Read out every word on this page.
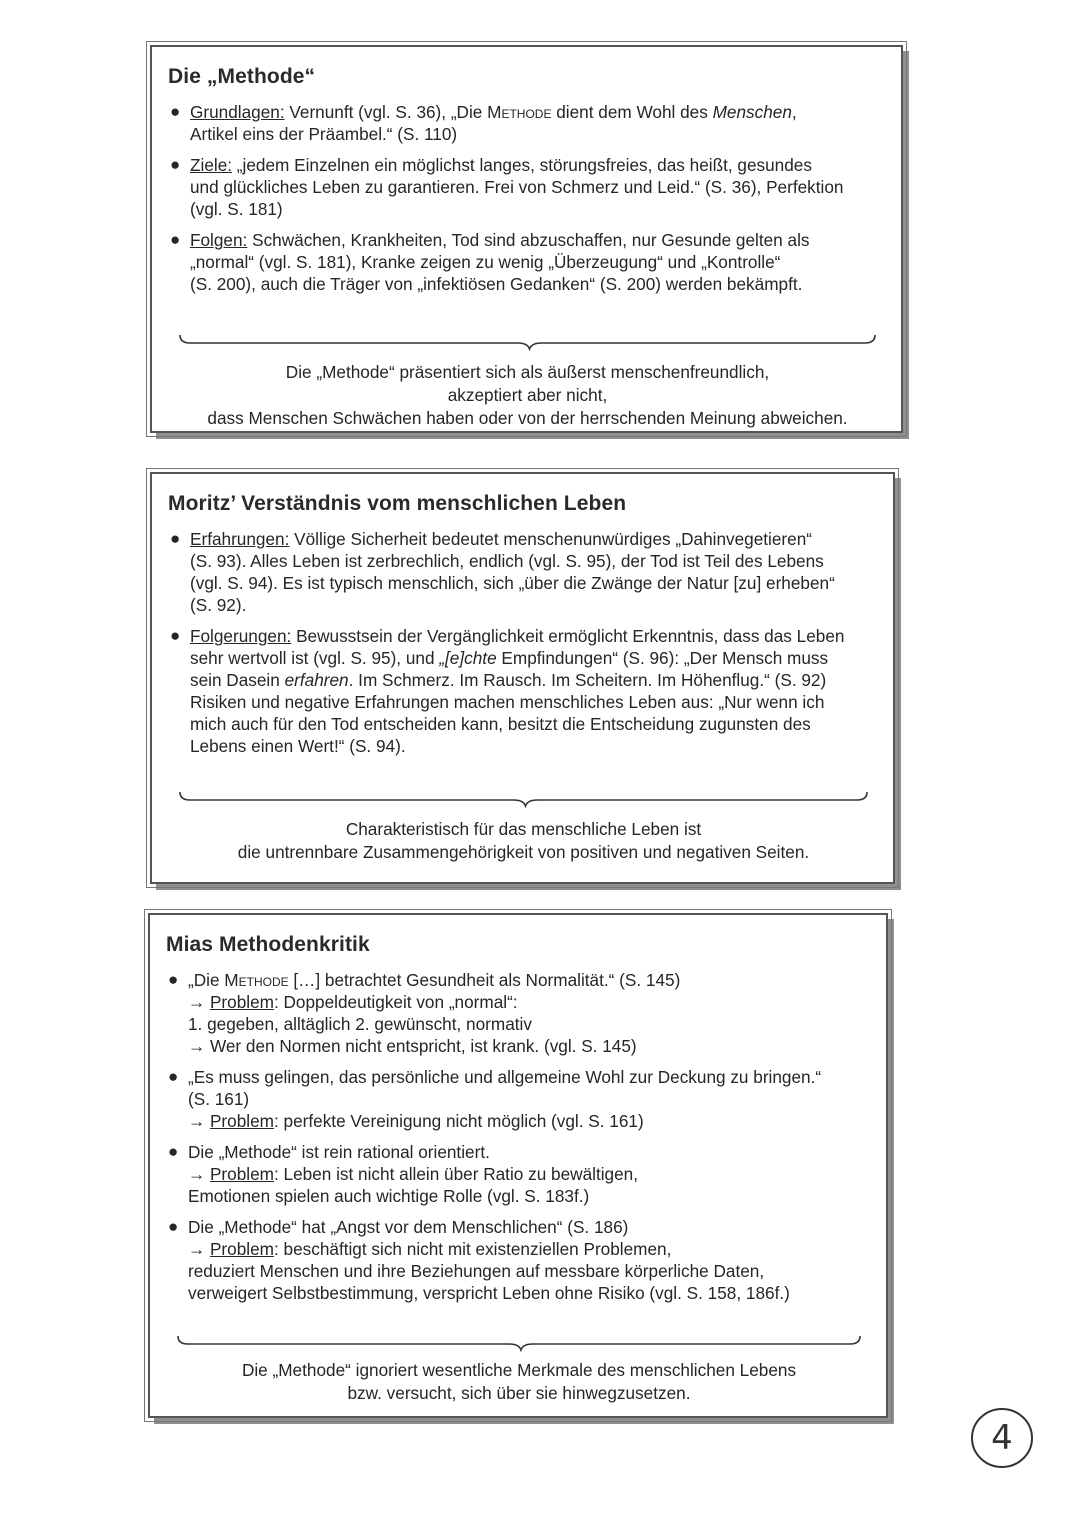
Die „Methode“
● Grundlagen: Vernunft (vgl. S. 36), „Die Methode dient dem Wohl des Menschen,
Artikel eins der Präambel.“ (S. 110)
● Ziele: „jedem Einzelnen ein möglichst langes, störungsfreies, das heißt, gesundes
und glückliches Leben zu garantieren. Frei von Schmerz und Leid.“ (S. 36), Perfektion
(vgl. S. 181)
● Folgen: Schwächen, Krankheiten, Tod sind abzuschaffen, nur Gesunde gelten als
„normal“ (vgl. S. 181), Kranke zeigen zu wenig „Überzeugung“ und „Kontrolle“
(S. 200), auch die Träger von „infektiösen Gedanken“ (S. 200) werden bekämpft.
Die „Methode“ präsentiert sich als äußerst menschenfreundlich,
akzeptiert aber nicht,
dass Menschen Schwächen haben oder von der herrschenden Meinung abweichen.
Moritz’ Verständnis vom menschlichen Leben
● Erfahrungen: Völlige Sicherheit bedeutet menschenunwürdiges „Dahinvegetieren“
(S. 93). Alles Leben ist zerbrechlich, endlich (vgl. S. 95), der Tod ist Teil des Lebens
(vgl. S. 94). Es ist typisch menschlich, sich „über die Zwänge der Natur [zu] erheben“
(S. 92).
● Folgerungen: Bewusstsein der Vergänglichkeit ermöglicht Erkenntnis, dass das Leben
sehr wertvoll ist (vgl. S. 95), und „[e]chte Empfindungen“ (S. 96): „Der Mensch muss
sein Dasein erfahren. Im Schmerz. Im Rausch. Im Scheitern. Im Höhenflug.“ (S. 92)
Risiken und negative Erfahrungen machen menschliches Leben aus: „Nur wenn ich
mich auch für den Tod entscheiden kann, besitzt die Entscheidung zugunsten des
Lebens einen Wert!“ (S. 94).
Charakteristisch für das menschliche Leben ist
die untrennbare Zusammengehörigkeit von positiven und negativen Seiten.
Mias Methodenkritik
● „Die Methode […] betrachtet Gesundheit als Normalität.“ (S. 145)
→ Problem: Doppeldeutigkeit von „normal“:
1. gegeben, alltäglich 2. gewünscht, normativ
→ Wer den Normen nicht entspricht, ist krank. (vgl. S. 145)
● „Es muss gelingen, das persönliche und allgemeine Wohl zur Deckung zu bringen.“
(S. 161)
→ Problem: perfekte Vereinigung nicht möglich (vgl. S. 161)
● Die „Methode“ ist rein rational orientiert.
→ Problem: Leben ist nicht allein über Ratio zu bewältigen,
Emotionen spielen auch wichtige Rolle (vgl. S. 183f.)
● Die „Methode“ hat „Angst vor dem Menschlichen“ (S. 186)
→ Problem: beschäftigt sich nicht mit existenziellen Problemen,
reduziert Menschen und ihre Beziehungen auf messbare körperliche Daten,
verweigert Selbstbestimmung, verspricht Leben ohne Risiko (vgl. S. 158, 186f.)
Die „Methode“ ignoriert wesentliche Merkmale des menschlichen Lebens
bzw. versucht, sich über sie hinwegzusetzen.
4
